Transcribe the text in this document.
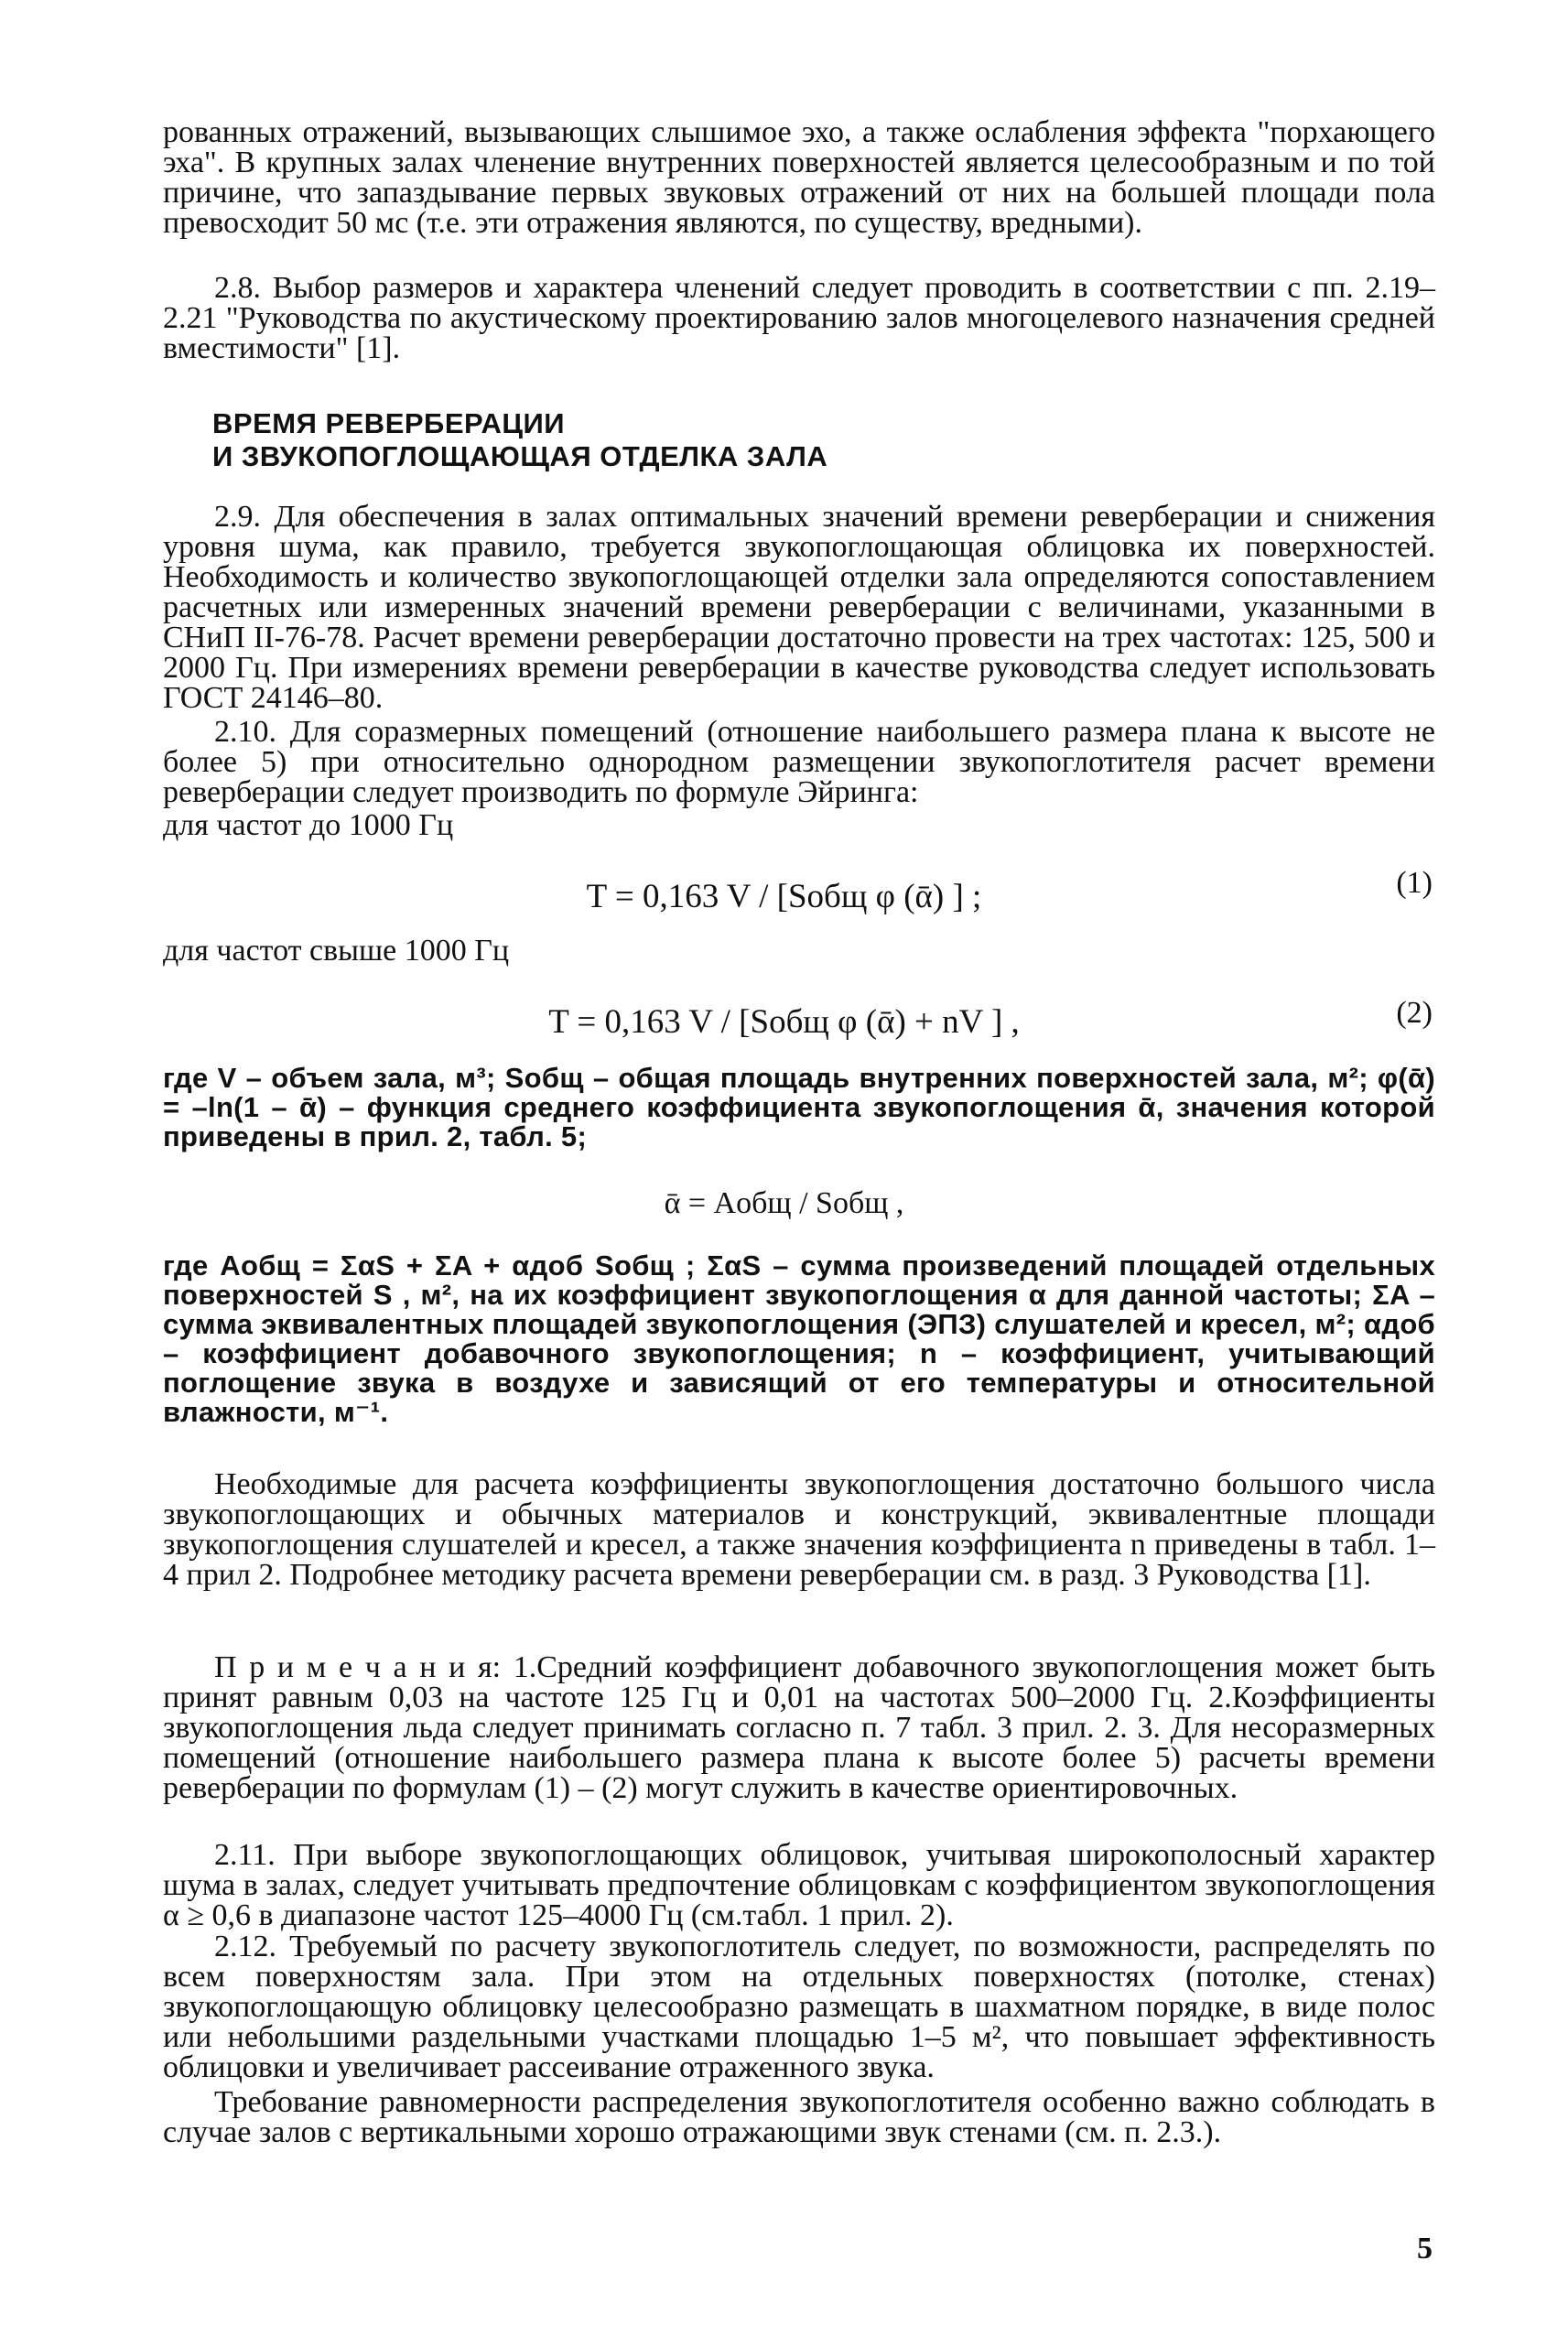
рованных отражений, вызывающих слышимое эхо, а также ослабления эффекта "порхающего эха". В крупных залах членение внутренних поверхностей является целесообразным и по той причине, что запаздывание первых звуковых отражений от них на большей площади пола превосходит 50 мс (т.е. эти отражения являются, по существу, вредными).

2.8. Выбор размеров и характера членений следует проводить в соответствии с пп. 2.19–2.21 "Руководства по акустическому проектированию залов многоцелевого назначения средней вместимости" [1].

ВРЕМЯ РЕВЕРБЕРАЦИИ

И ЗВУКОПОГЛОЩАЮЩАЯ ОТДЕЛКА ЗАЛА

2.9. Для обеспечения в залах оптимальных значений времени реверберации и снижения уровня шума, как правило, требуется звукопоглощающая облицовка их поверхностей. Необходимость и количество звукопоглощающей отделки зала определяются сопоставлением расчетных или измеренных значений времени реверберации с величинами, указанными в СНиП II-76-78. Расчет времени реверберации достаточно провести на трех частотах: 125, 500 и 2000 Гц. При измерениях времени реверберации в качестве руководства следует использовать ГОСТ 24146–80.

2.10. Для соразмерных помещений (отношение наибольшего размера плана к высоте не более 5) при относительно однородном размещении звукопоглотителя расчет времени реверберации следует производить по формуле Эйринга:

для частот до 1000 Гц

T = 0,163 V / [Sобщ φ (ᾱ) ] ;	(1)

для частот свыше 1000 Гц

T = 0,163 V / [Sобщ φ (ᾱ) + nV ] ,	(2)

где V – объем зала, м³; Sобщ – общая площадь внутренних поверхностей зала, м²; φ(ᾱ) = –ln(1 – ᾱ) – функция среднего коэффициента звукопоглощения ᾱ, значения которой приведены в прил. 2, табл. 5;

ᾱ = Aобщ / Sобщ ,

где Aобщ = ΣαS + ΣA + αдоб Sобщ ; ΣαS – сумма произведений площадей отдельных поверхностей S , м², на их коэффициент звукопоглощения α для данной частоты; ΣA – сумма эквивалентных площадей звукопоглощения (ЭПЗ) слушателей и кресел, м²; αдоб – коэффициент добавочного звукопоглощения; n – коэффициент, учитывающий поглощение звука в воздухе и зависящий от его температуры и относительной влажности, м⁻¹.

Необходимые для расчета коэффициенты звукопоглощения достаточно большого числа звукопоглощающих и обычных материалов и конструкций, эквивалентные площади звукопоглощения слушателей и кресел, а также значения коэффициента n приведены в табл. 1–4 прил 2. Подробнее методику расчета времени реверберации см. в разд. 3 Руководства [1].

П р и м е ч а н и я: 1.Средний коэффициент добавочного звукопоглощения может быть принят равным 0,03 на частоте 125 Гц и 0,01 на частотах 500–2000 Гц. 2.Коэффициенты звукопоглощения льда следует принимать согласно п. 7 табл. 3 прил. 2. 3. Для несоразмерных помещений (отношение наибольшего размера плана к высоте более 5) расчеты времени реверберации по формулам (1) – (2) могут служить в качестве ориентировочных.

2.11. При выборе звукопоглощающих облицовок, учитывая широкополосный характер шума в залах, следует учитывать предпочтение облицовкам с коэффициентом звукопоглощения α ≥ 0,6 в диапазоне частот 125–4000 Гц (см.табл. 1 прил. 2).

2.12. Требуемый по расчету звукопоглотитель следует, по возможности, распределять по всем поверхностям зала. При этом на отдельных поверхностях (потолке, стенах) звукопоглощающую облицовку целесообразно размещать в шахматном порядке, в виде полос или небольшими раздельными участками площадью 1–5 м², что повышает эффективность облицовки и увеличивает рассеивание отраженного звука.

Требование равномерности распределения звукопоглотителя особенно важно соблюдать в случае залов с вертикальными хорошо отражающими звук стенами (см. п. 2.3.).

5
